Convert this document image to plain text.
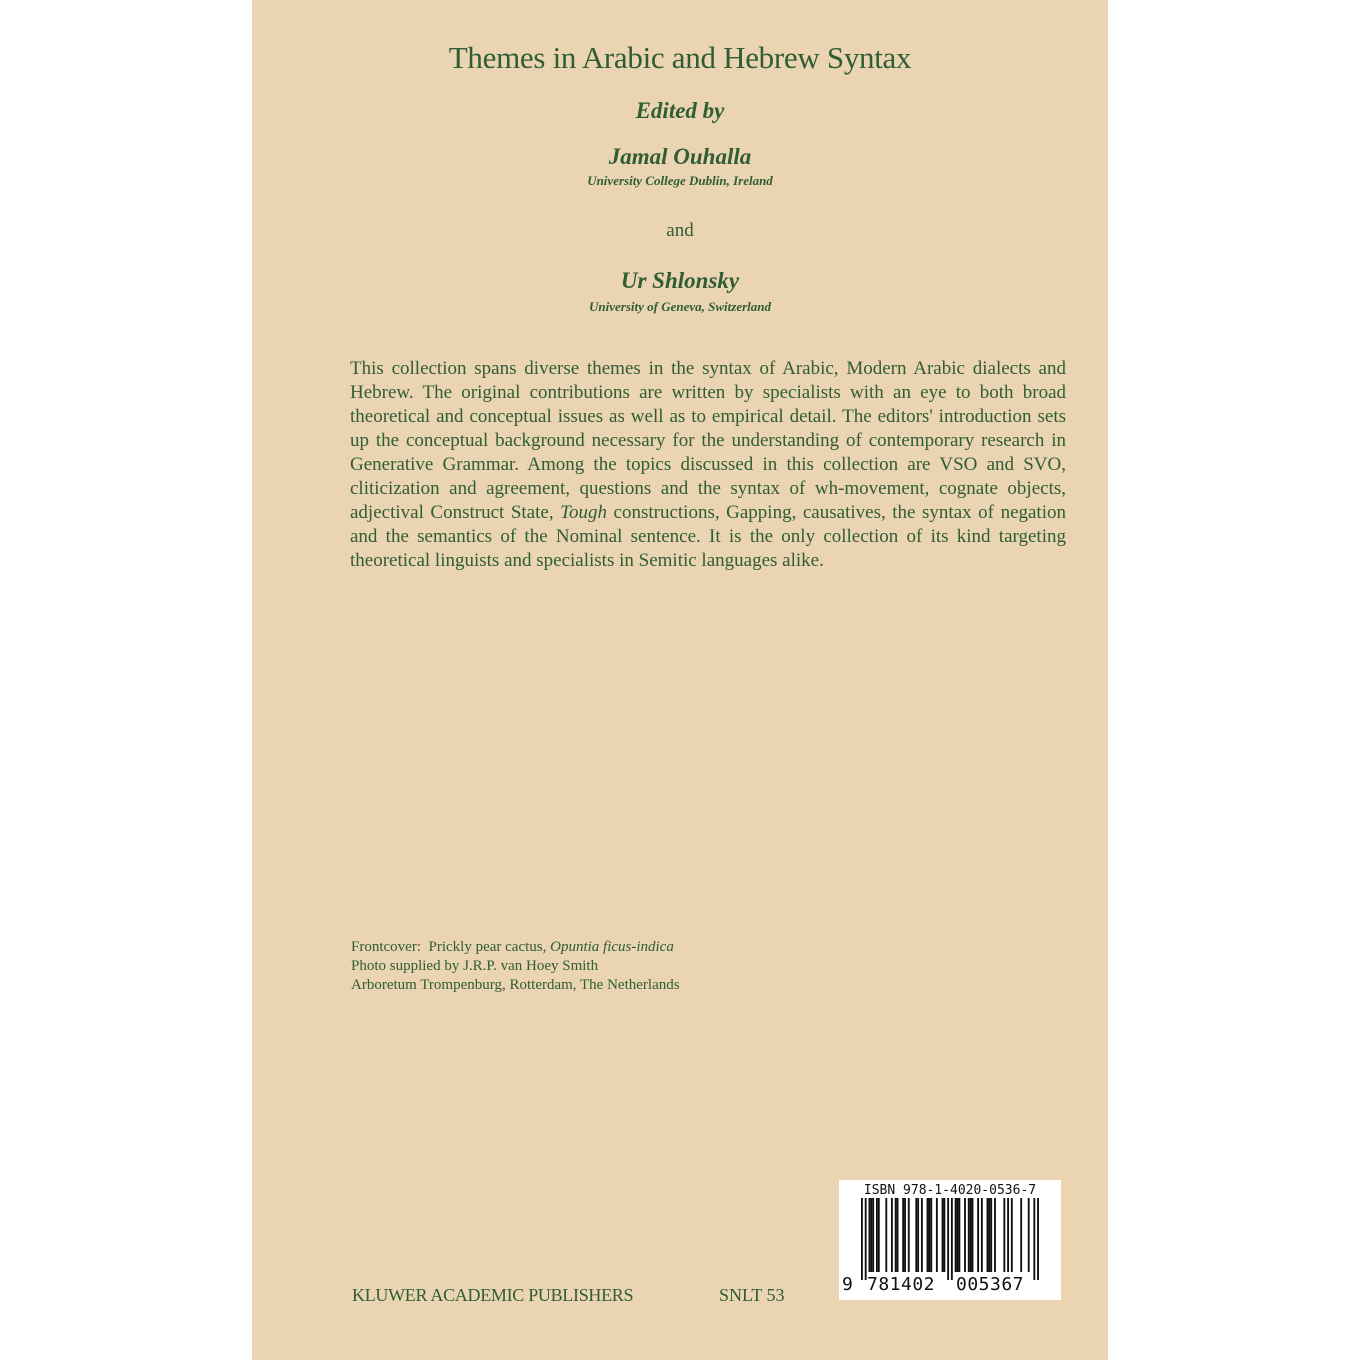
Themes in Arabic and Hebrew Syntax
Edited by
Jamal Ouhalla
University College Dublin, Ireland
and
Ur Shlonsky
University of Geneva, Switzerland
This collection spans diverse themes in the syntax of Arabic, Modern Arabic dialects and Hebrew. The original contributions are written by specialists with an eye to both broad theoretical and conceptual issues as well as to empirical detail. The editors' introduction sets up the conceptual background necessary for the understanding of contemporary research in Generative Grammar. Among the topics discussed in this collection are VSO and SVO, cliticization and agreement, questions and the syntax of wh-movement, cognate objects, adjectival Construct State, Tough constructions, Gapping, causatives, the syntax of negation and the semantics of the Nominal sentence. It is the only collection of its kind targeting theoretical linguists and specialists in Semitic languages alike.
Frontcover:  Prickly pear cactus, Opuntia ficus-indica
Photo supplied by J.R.P. van Hoey Smith
Arboretum Trompenburg, Rotterdam, The Netherlands
KLUWER ACADEMIC PUBLISHERS	SNLT 53
ISBN 978-1-4020-0536-7
9 781402 005367
